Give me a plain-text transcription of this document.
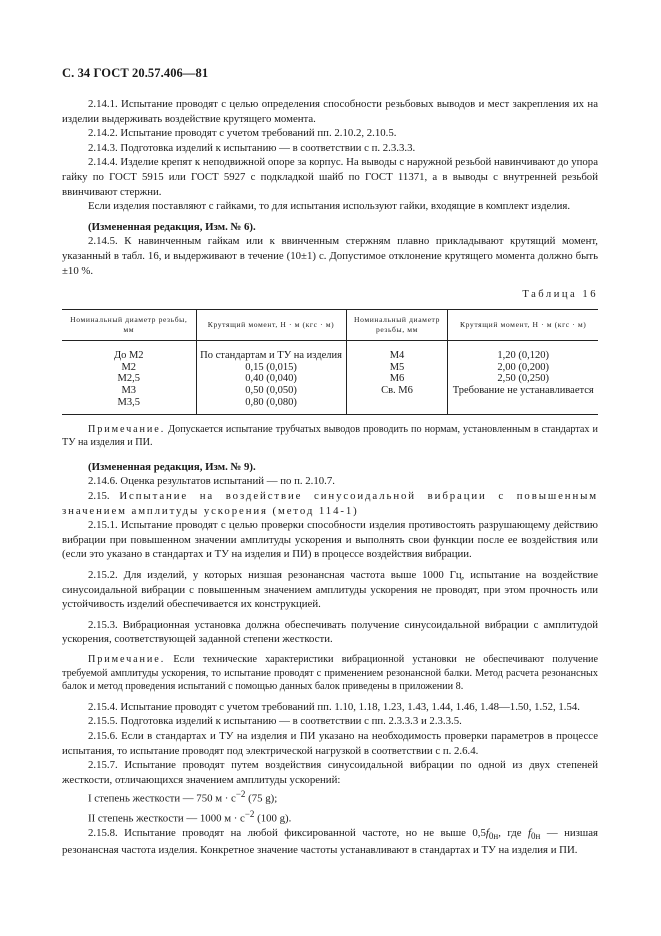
С. 34 ГОСТ 20.57.406—81

2.14.1. Испытание проводят с целью определения способности резьбовых выводов и мест закрепления их на изделии выдерживать воздействие крутящего момента.

2.14.2. Испытание проводят с учетом требований пп. 2.10.2, 2.10.5.

2.14.3. Подготовка изделий к испытанию — в соответствии с п. 2.3.3.3.

2.14.4. Изделие крепят к неподвижной опоре за корпус. На выводы с наружной резьбой навинчивают до упора гайку по ГОСТ 5915 или ГОСТ 5927 с подкладкой шайб по ГОСТ 11371, а в выводы с внутренней резьбой ввинчивают стержни.

Если изделия поставляют с гайками, то для испытания используют гайки, входящие в комплект изделия.

(Измененная редакция, Изм. № 6).

2.14.5. К навинченным гайкам или к ввинченным стержням плавно прикладывают крутящий момент, указанный в табл. 16, и выдерживают в течение (10±1) с. Допустимое отклонение крутящего момента должно быть ±10 %.

Таблица 16

Номинальный диаметр резьбы, мм	Крутящий момент, Н · м (кгс · м)	Номинальный диаметр резьбы, мм	Крутящий момент, Н · м (кгс · м)
До М2	По стандартам и ТУ на изделия	М4	1,20 (0,120)
М2	0,15 (0,015)	М5	2,00 (0,200)
М2,5	0,40 (0,040)	М6	2,50 (0,250)
М3	0,50 (0,050)	Св. М6	Требование не устанавливается
М3,5	0,80 (0,080)		

Примечание. Допускается испытание трубчатых выводов проводить по нормам, установленным в стандартах и ТУ на изделия и ПИ.

(Измененная редакция, Изм. № 9).

2.14.6. Оценка результатов испытаний — по п. 2.10.7.

2.15. Испытание на воздействие синусоидальной вибрации с повышенным значением амплитуды ускорения (метод 114-1)

2.15.1. Испытание проводят с целью проверки способности изделия противостоять разрушающему действию вибрации при повышенном значении амплитуды ускорения и выполнять свои функции после ее воздействия или (если это указано в стандартах и ТУ на изделия и ПИ) в процессе воздействия вибрации.

2.15.2. Для изделий, у которых низшая резонансная частота выше 1000 Гц, испытание на воздействие синусоидальной вибрации с повышенным значением амплитуды ускорения не проводят, при этом прочность или устойчивость изделий обеспечивается их конструкцией.

2.15.3. Вибрационная установка должна обеспечивать получение синусоидальной вибрации с амплитудой ускорения, соответствующей заданной степени жесткости.

Примечание. Если технические характеристики вибрационной установки не обеспечивают получение требуемой амплитуды ускорения, то испытание проводят с применением резонансной балки. Метод расчета резонансных балок и метод проведения испытаний с помощью данных балок приведены в приложении 8.

2.15.4. Испытание проводят с учетом требований пп. 1.10, 1.18, 1.23, 1.43, 1.44, 1.46, 1.48—1.50, 1.52, 1.54.

2.15.5. Подготовка изделий к испытанию — в соответствии с пп. 2.3.3.3 и 2.3.3.5.

2.15.6. Если в стандартах и ТУ на изделия и ПИ указано на необходимость проверки параметров в процессе испытания, то испытание проводят под электрической нагрузкой в соответствии с п. 2.6.4.

2.15.7. Испытание проводят путем воздействия синусоидальной вибрации по одной из двух степеней жесткости, отличающихся значением амплитуды ускорений:

I степень жесткости — 750 $м \cdot с^{-2}$ (75 g);

II степень жесткости — 1000 $м \cdot с^{-2}$ (100 g).

2.15.8. Испытание проводят на любой фиксированной частоте, но не выше $0,5f_{0н}$, где $f_{0н}$ — низшая резонансная частота изделия. Конкретное значение частоты устанавливают в стандартах и ТУ на изделия и ПИ.
